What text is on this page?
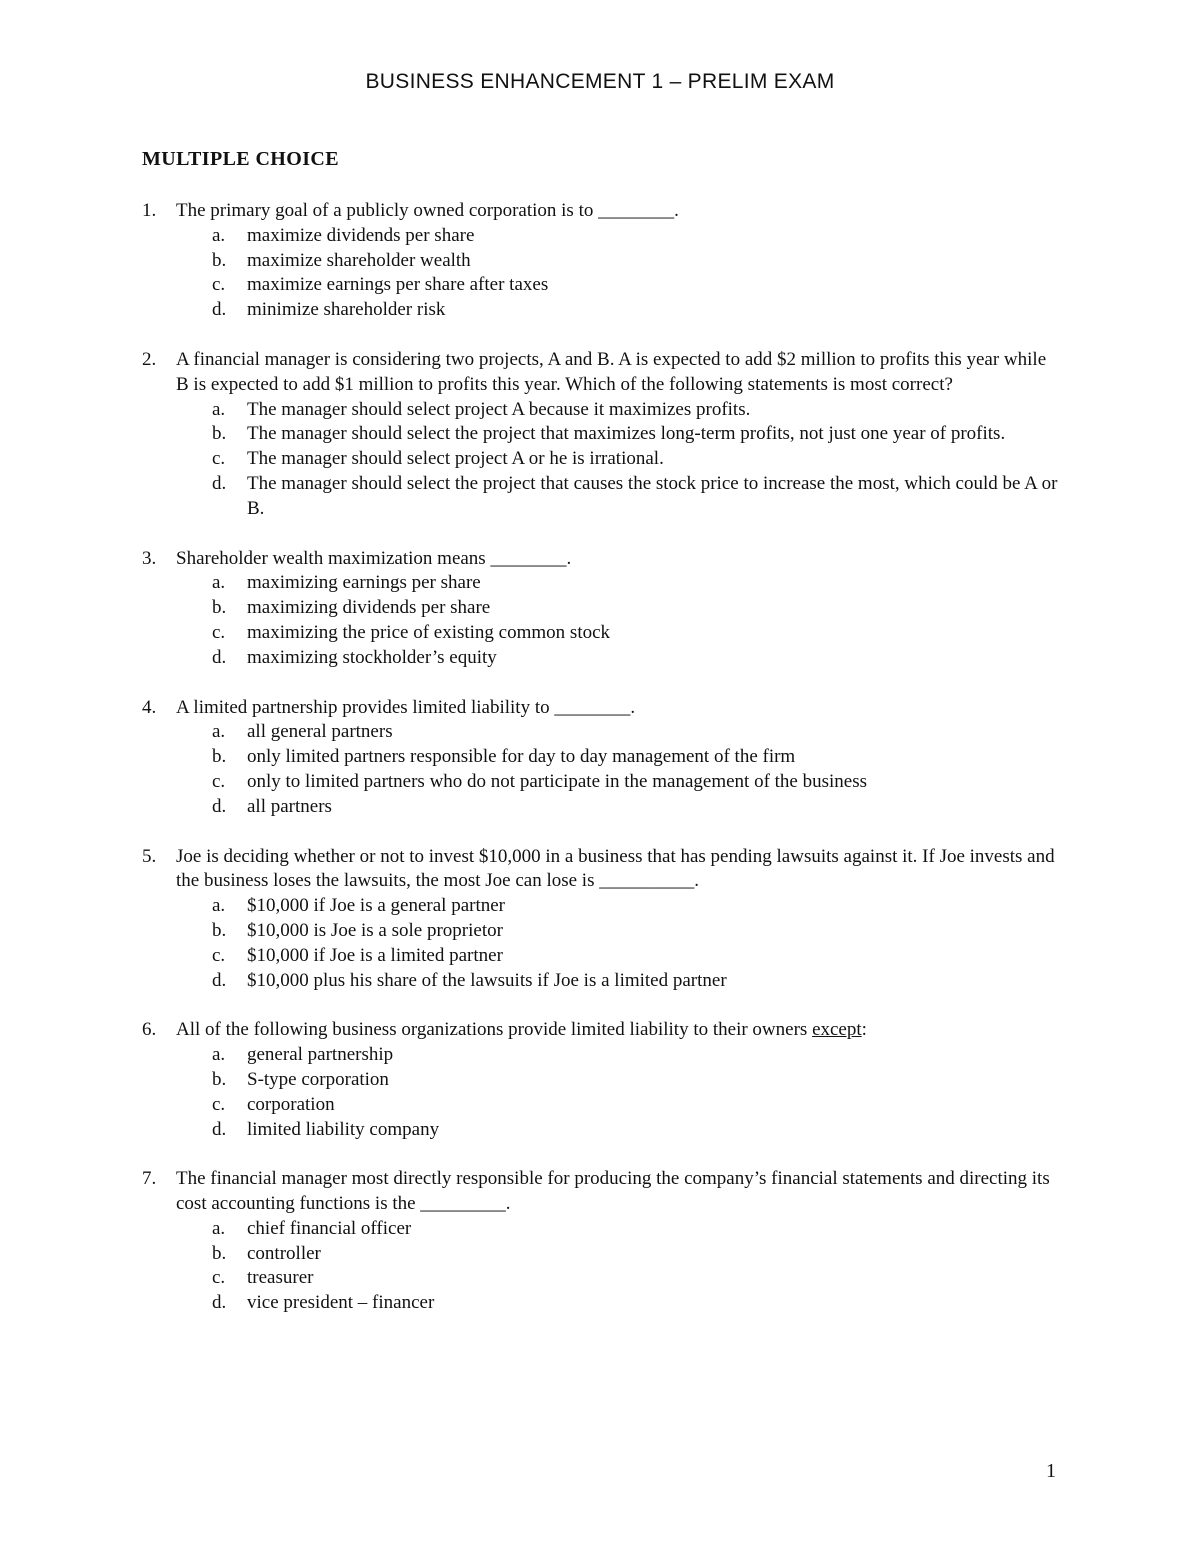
BUSINESS ENHANCEMENT 1 – PRELIM EXAM
MULTIPLE CHOICE
1. The primary goal of a publicly owned corporation is to ________.
a. maximize dividends per share
b. maximize shareholder wealth
c. maximize earnings per share after taxes
d. minimize shareholder risk
2. A financial manager is considering two projects, A and B. A is expected to add $2 million to profits this year while B is expected to add $1 million to profits this year. Which of the following statements is most correct?
a. The manager should select project A because it maximizes profits.
b. The manager should select the project that maximizes long-term profits, not just one year of profits.
c. The manager should select project A or he is irrational.
d. The manager should select the project that causes the stock price to increase the most, which could be A or B.
3. Shareholder wealth maximization means ________.
a. maximizing earnings per share
b. maximizing dividends per share
c. maximizing the price of existing common stock
d. maximizing stockholder’s equity
4. A limited partnership provides limited liability to ________.
a. all general partners
b. only limited partners responsible for day to day management of the firm
c. only to limited partners who do not participate in the management of the business
d. all partners
5. Joe is deciding whether or not to invest $10,000 in a business that has pending lawsuits against it. If Joe invests and the business loses the lawsuits, the most Joe can lose is __________.
a. $10,000 if Joe is a general partner
b. $10,000 is Joe is a sole proprietor
c. $10,000 if Joe is a limited partner
d. $10,000 plus his share of the lawsuits if Joe is a limited partner
6. All of the following business organizations provide limited liability to their owners except:
a. general partnership
b. S-type corporation
c. corporation
d. limited liability company
7. The financial manager most directly responsible for producing the company’s financial statements and directing its cost accounting functions is the _________.
a. chief financial officer
b. controller
c. treasurer
d. vice president – financer
1
